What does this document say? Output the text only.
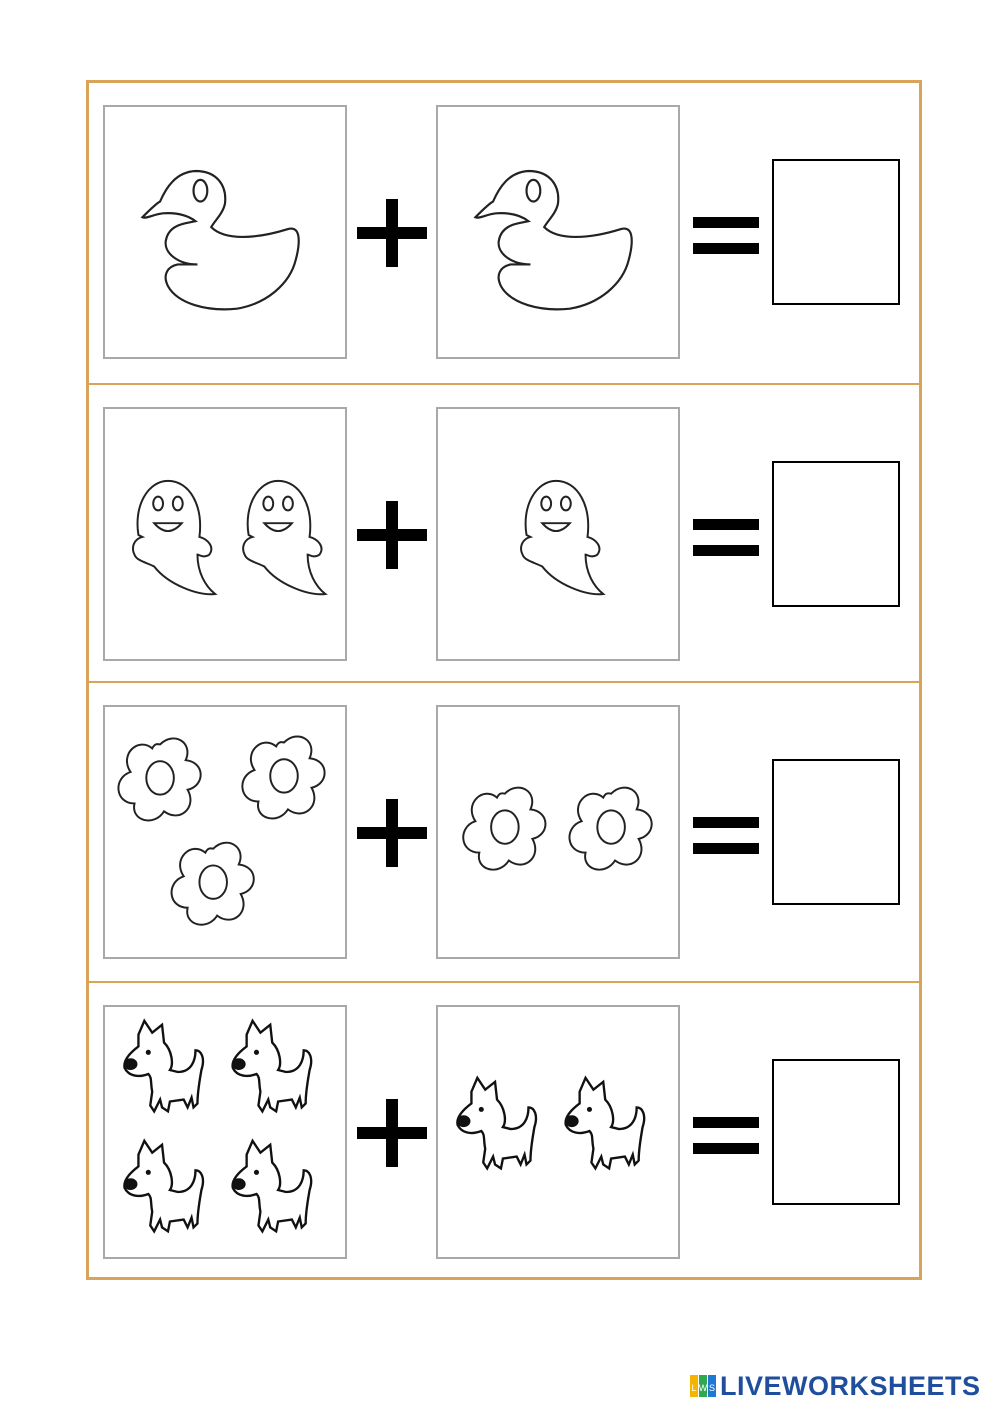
L W S LIVEWORKSHEETS
